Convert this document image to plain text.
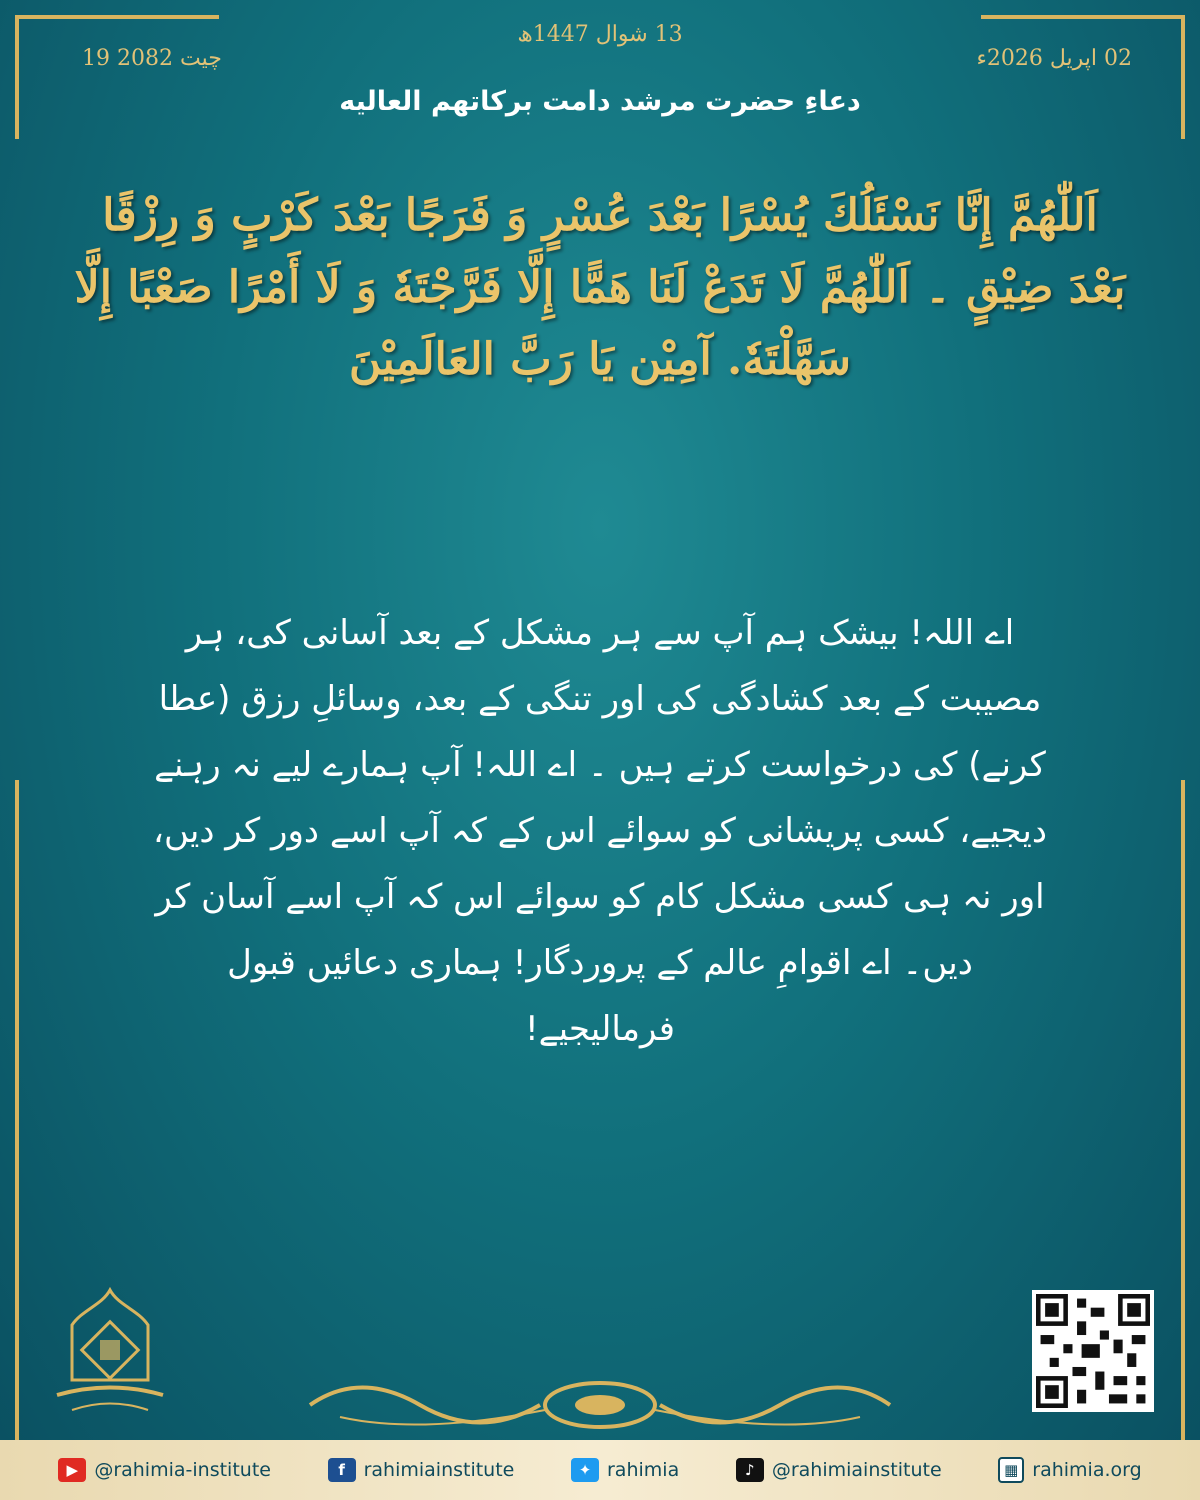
19 چیت 2082
13 شوال 1447ھ
02 اپریل 2026ء
دعاءِ حضرت مرشد دامت برکاتهم العالیه
اَللّٰهُمَّ إِنَّا نَسْئَلُكَ يُسْرًا بَعْدَ عُسْرٍ وَ فَرَجًا بَعْدَ كَرْبٍ وَ رِزْقًا بَعْدَ ضِيْقٍ ۔ اَللّٰهُمَّ لَا تَدَعْ لَنَا هَمًّا إِلَّا فَرَّجْتَهٗ وَ لَا أَمْرًا صَعْبًا إِلَّا سَهَّلْتَهٗ. آمِيْن يَا رَبَّ العَالَمِيْنَ
اے اللہ! بیشک ہم آپ سے ہر مشکل کے بعد آسانی کی، ہر مصیبت کے بعد کشادگی کی اور تنگی کے بعد، وسائلِ رزق (عطا کرنے) کی درخواست کرتے ہیں ۔ اے اللہ! آپ ہمارے لیے نہ رہنے دیجیے، کسی پریشانی کو سوائے اس کے کہ آپ اسے دور کر دیں، اور نہ ہی کسی مشکل کام کو سوائے اس کہ آپ اسے آسان کر دیں۔ اے اقوامِ عالم کے پروردگار! ہماری دعائیں قبول فرمالیجیے!
▶ @rahimia-institute	f rahimiainstitute	✦ rahimia	♪ @rahimiainstitute	▦ rahimia.org
